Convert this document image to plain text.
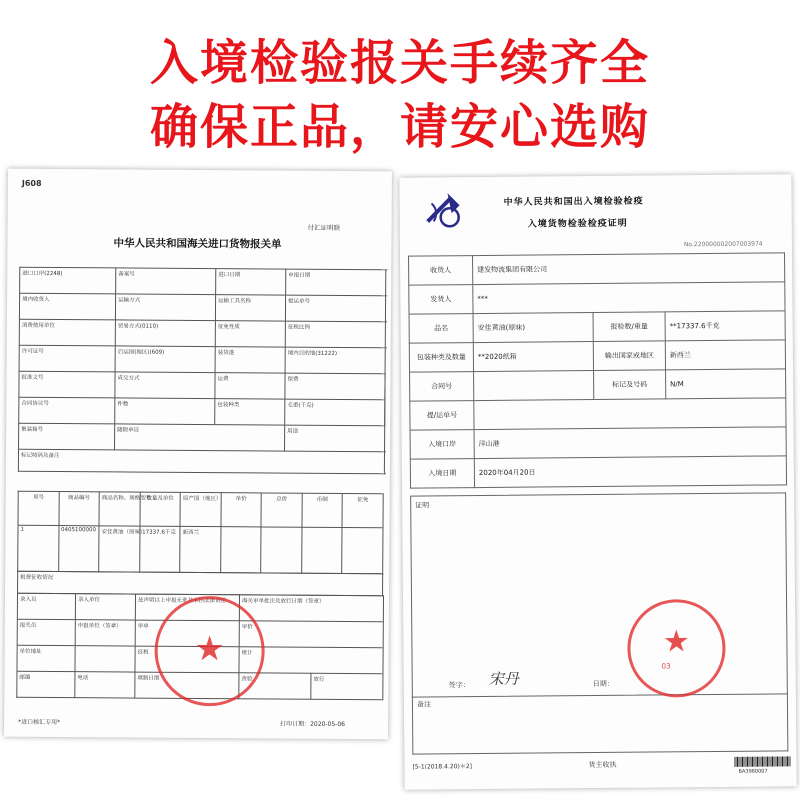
入境检验报关手续齐全
确保正品，请安心选购
J608
付汇证明联
中华人民共和国海关进口货物报关单
进口口岸(2248)	备案号	进口日期	申报日期	
境内收货人	运输方式	运输工具名称	提运单号	
消费使用单位	贸易方式(0110)	征免性质	征税比例	
许可证号	启运国(地区)(609)	装货港	境内目的地(31222)	
批准文号	成交方式	运费	保费	
合同协议号	件数	包装种类	毛重(千克)	
集装箱号	随附单证		用途	
标记唛码及备注				
项号	商品编号	商品名称、规格型号	数量及单位	原产国（地区）	单价	总价	币制	征免
1	0405100000	安佳黄油（原味）	17337.6千克	新西兰				
税费征收情况
录入员	录入单位	兹声明以上申报无讹并承担法律责任	海关审单批注及放行日期（签章）	
报关员	申报单位（签章）	审单	审价	
单位地址		征税	统计	
邮编	电话	填制日期	查验	放行
*进口核汇专用*	打印日期：2020-05-06
★
中华人民共和国出入境检验检疫
入境货物检验检疫证明
No.220000002007003974
收货人	建发物流集团有限公司		
发货人	***		
品名	安佳黄油(原味)	报检数/重量	**17337.6千克
包装种类及数量	**2020纸箱	输出国家或地区	新西兰
合同号		标记及号码	N/M
提/运单号			
入境口岸	洋山港		
入境日期	2020年04月20日		
证明
签字： 宋丹	日期：
备注
[5-1(2018.4.20)＊2]	货主收执
BA3960007
★
03
